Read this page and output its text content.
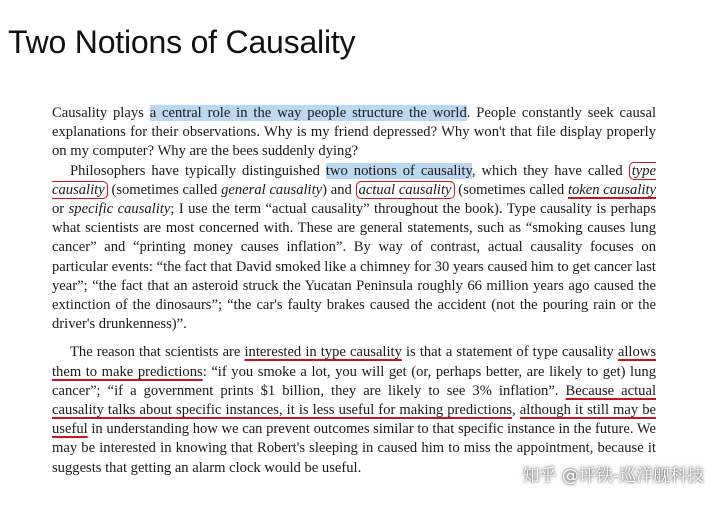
Two Notions of Causality

Causality plays a central role in the way people structure the world. People constantly seek causal explanations for their observations. Why is my friend depressed? Why won't that file display properly on my computer? Why are the bees suddenly dying?

Philosophers have typically distinguished two notions of causality, which they have called type causality (sometimes called general causality) and actual causality (sometimes called token causality or specific causality; I use the term “actual causality” throughout the book). Type causality is perhaps what scientists are most concerned with. These are general statements, such as “smoking causes lung cancer” and “printing money causes inflation”. By way of contrast, actual causality focuses on particular events: “the fact that David smoked like a chimney for 30 years caused him to get cancer last year”; “the fact that an asteroid struck the Yucatan Peninsula roughly 66 million years ago caused the extinction of the dinosaurs”; “the car's faulty brakes caused the accident (not the pouring rain or the driver's drunkenness)”.

The reason that scientists are interested in type causality is that a statement of type causality allows them to make predictions: “if you smoke a lot, you will get (or, perhaps better, are likely to get) lung cancer”; “if a government prints $1 billion, they are likely to see 3% inflation”. Because actual causality talks about specific instances, it is less useful for making predictions, although it still may be useful in understanding how we can prevent outcomes similar to that specific instance in the future. We may be interested in knowing that Robert's sleeping in caused him to miss the appointment, because it suggests that getting an alarm clock would be useful.	知乎 @评铁-巡洋舰科技
